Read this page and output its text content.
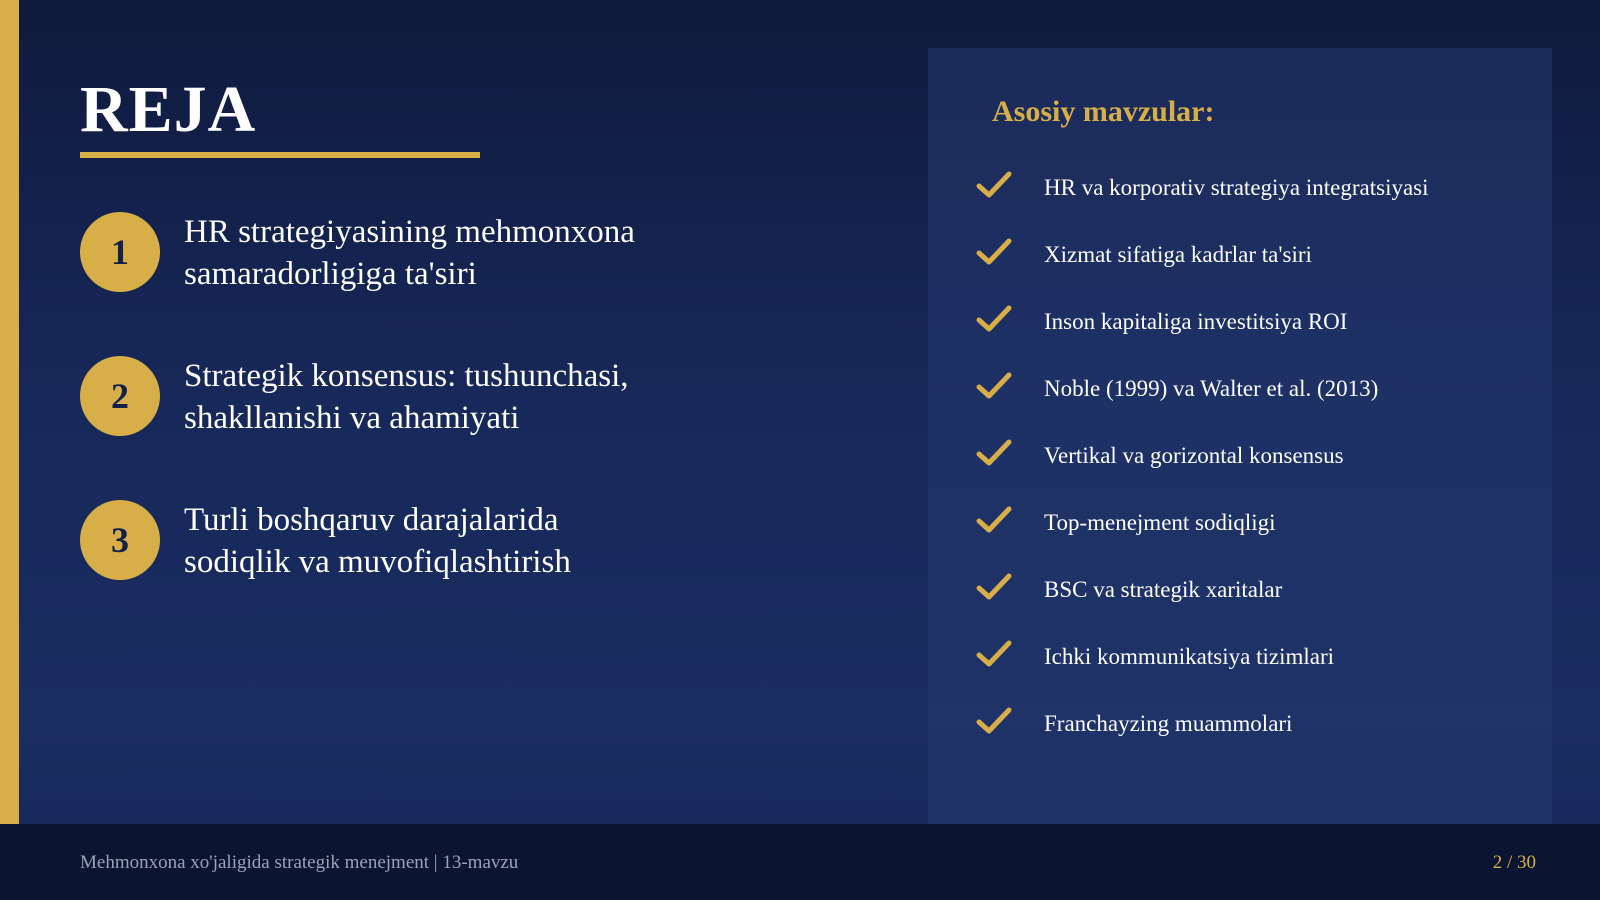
REJA
1	HR strategiyasining mehmonxona
samaradorligiga ta'siri
2	Strategik konsensus: tushunchasi,
shakllanishi va ahamiyati
3	Turli boshqaruv darajalarida
sodiqlik va muvofiqlashtirish
Asosiy mavzular:
HR va korporativ strategiya integratsiyasi
Xizmat sifatiga kadrlar ta'siri
Inson kapitaliga investitsiya ROI
Noble (1999) va Walter et al. (2013)
Vertikal va gorizontal konsensus
Top-menejment sodiqligi
BSC va strategik xaritalar
Ichki kommunikatsiya tizimlari
Franchayzing muammolari
Mehmonxona xo'jaligida strategik menejment | 13-mavzu	2 / 30
